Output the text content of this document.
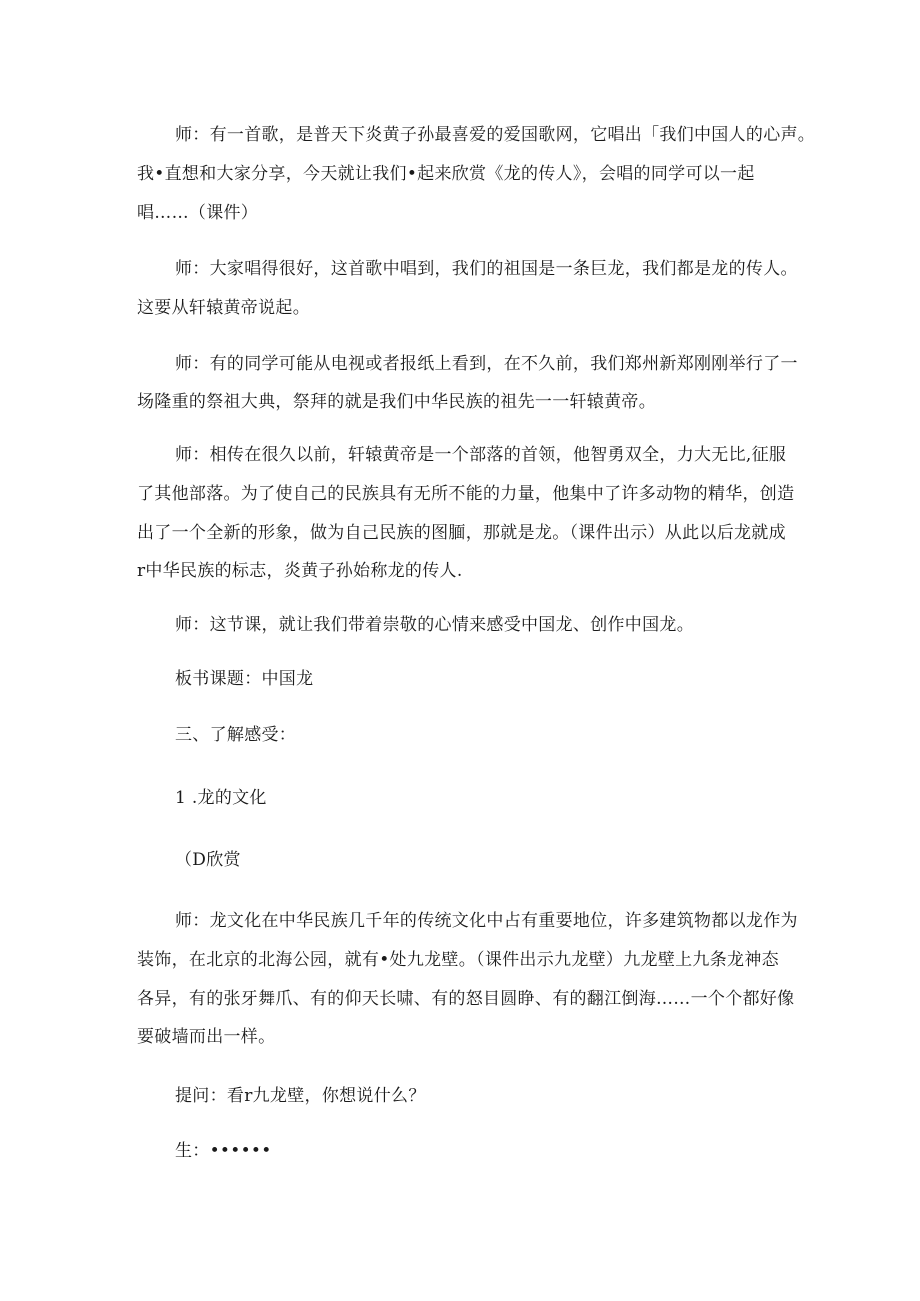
师：有一首歌，是普天下炎黄子孙最喜爱的爱国歌网，它唱出「我们中国人的心声。
我•直想和大家分享，今天就让我们•起来欣赏《龙的传人》，会唱的同学可以一起
唱……（课件）
师：大家唱得很好，这首歌中唱到，我们的祖国是一条巨龙，我们都是龙的传人。
这要从轩辕黄帝说起。
师：有的同学可能从电视或者报纸上看到，在不久前，我们郑州新郑刚刚举行了一
场隆重的祭祖大典，祭拜的就是我们中华民族的祖先一一轩辕黄帝。
师：相传在很久以前，轩辕黄帝是一个部落的首领，他智勇双全，力大无比,征服
了其他部落。为了使自己的民族具有无所不能的力量，他集中了许多动物的精华，创造
出了一个全新的形象，做为自己民族的图腼，那就是龙。（课件出示）从此以后龙就成
r中华民族的标志，炎黄子孙始称龙的传人.
师：这节课，就让我们带着崇敬的心情来感受中国龙、创作中国龙。
板书课题：中国龙
三、了解感受：
1 .龙的文化
（D欣赏
师：龙文化在中华民族几千年的传统文化中占有重要地位，许多建筑物都以龙作为
装饰，在北京的北海公园，就有•处九龙壁。（课件出示九龙壁）九龙壁上九条龙神态
各异，有的张牙舞爪、有的仰天长啸、有的怒目圆睁、有的翻江倒海……一个个都好像
要破墙而出一样。
提问：看r九龙壁，你想说什么？
生：••••••
